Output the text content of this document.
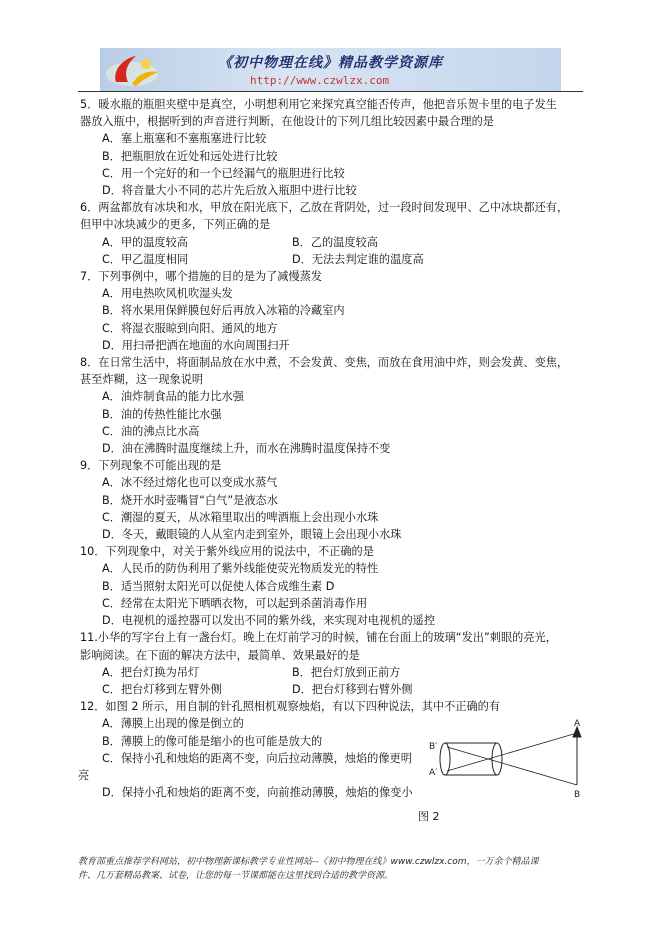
《初中物理在线》精品教学资源库
http://www.czwlzx.com

5．暖水瓶的瓶胆夹壁中是真空，小明想利用它来探究真空能否传声，他把音乐贺卡里的电子发生

器放入瓶中，根据听到的声音进行判断，在他设计的下列几组比较因素中最合理的是

A．塞上瓶塞和不塞瓶塞进行比较

B．把瓶胆放在近处和远处进行比较

C．用一个完好的和一个已经漏气的瓶胆进行比较

D．将音量大小不同的芯片先后放入瓶胆中进行比较

6．两盆都放有冰块和水，甲放在阳光底下，乙放在背阴处，过一段时间发现甲、乙中冰块都还有，

但甲中冰块减少的更多，下列正确的是

A．甲的温度较高	B．乙的温度较高
C．甲乙温度相同	D．无法去判定谁的温度高

7．下列事例中，哪个措施的目的是为了减慢蒸发

A．用电热吹风机吹湿头发

B．将水果用保鲜膜包好后再放入冰箱的冷藏室内

C．将湿衣服晾到向阳、通风的地方

D．用扫帚把洒在地面的水向周围扫开

8．在日常生活中，将面制品放在水中煮，不会发黄、变焦，而放在食用油中炸，则会发黄、变焦，

甚至炸糊，这一现象说明

A．油炸制食品的能力比水强

B．油的传热性能比水强

C．油的沸点比水高

D．油在沸腾时温度继续上升，而水在沸腾时温度保持不变

9．下列现象不可能出现的是

A．冰不经过熔化也可以变成水蒸气

B．烧开水时壶嘴冒“白气”是液态水

C．潮湿的夏天，从冰箱里取出的啤酒瓶上会出现小水珠

D．冬天，戴眼镜的人从室内走到室外，眼镜上会出现小水珠

10．下列现象中，对关于紫外线应用的说法中，不正确的是

A．人民币的防伪利用了紫外线能使荧光物质发光的特性

B．适当照射太阳光可以促使人体合成维生素 D

C．经常在太阳光下晒晒衣物，可以起到杀菌消毒作用

D．电视机的遥控器可以发出不同的紫外线，来实现对电视机的遥控

11.小华的写字台上有一盏台灯。晚上在灯前学习的时候，铺在台面上的玻璃“发出”刺眼的亮光，

影响阅读。在下面的解决方法中，最简单、效果最好的是

A．把台灯换为吊灯	B．把台灯放到正前方
C．把台灯移到左臂外侧	D．把台灯移到右臂外侧

12．如图 2 所示，用自制的针孔照相机观察烛焰，有以下四种说法，其中不正确的有

A．薄膜上出现的像是倒立的

B．薄膜上的像可能是缩小的也可能是放大的

C．保持小孔和烛焰的距离不变，向后拉动薄膜，烛焰的像更明

亮

D．保持小孔和烛焰的距离不变，向前推动薄膜，烛焰的像变小

B′
A′
A
B
图 2
教育部重点推荐学科网站，初中物理新课标教学专业性网站--《初中物理在线》www.czwlzx.com，一万余个精品课
件、几万套精品教案、试卷，让您的每一节课都能在这里找到合适的教学资源。
